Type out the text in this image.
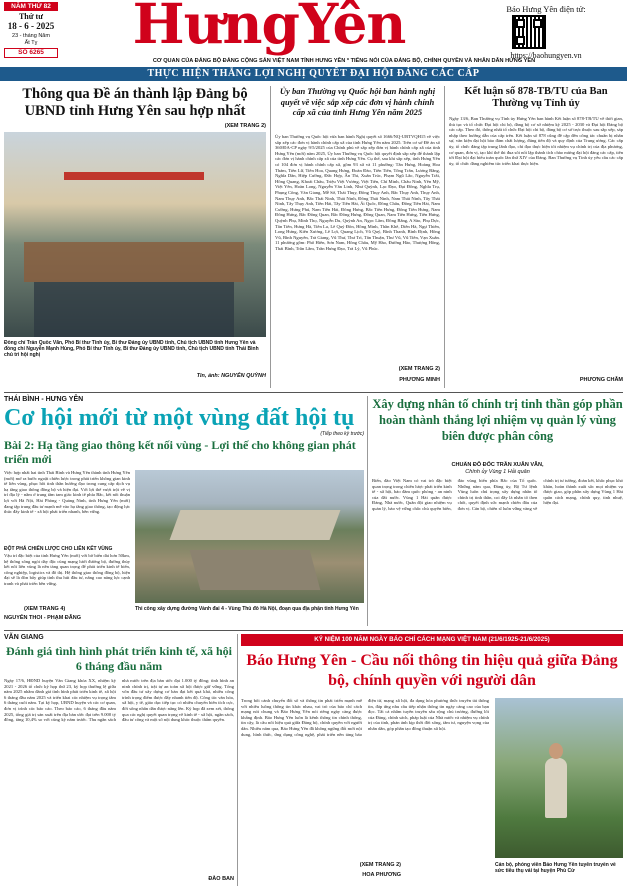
NĂM THỨ 82
Thứ tư
18 - 6 - 2025
23 - tháng Năm
Ất Tỵ
SỐ 6265	HưngYên	Báo Hưng Yên điện tử:
https://baohungyen.vn
CƠ QUAN CỦA ĐẢNG BỘ ĐẢNG CỘNG SẢN VIỆT NAM TỈNH HƯNG YÊN * TIẾNG NÓI CỦA ĐẢNG BỘ, CHÍNH QUYỀN VÀ NHÂN DÂN HƯNG YÊN
THỰC HIỆN THẮNG LỢI NGHỊ QUYẾT ĐẠI HỘI ĐẢNG CÁC CẤP
Thông qua Đề án thành lập Đảng bộ UBND tỉnh Hưng Yên sau hợp nhất
(XEM TRANG 2)
Đồng chí Trần Quốc Văn, Phó Bí thư Tỉnh ủy, Bí thư Đảng ủy UBND tỉnh, Chủ tịch UBND tỉnh Hưng Yên và đồng chí Nguyễn Mạnh Hùng, Phó Bí thư Tỉnh ủy, Bí thư Đảng ủy UBND tỉnh, Chủ tịch UBND tỉnh Thái Bình chủ trì hội nghị
Tin, ảnh: NGUYỄN QUỲNH
Ủy ban Thường vụ Quốc hội ban hành nghị quyết về việc sắp xếp các đơn vị hành chính cấp xã của tỉnh Hưng Yên năm 2025
Ủy ban Thường vụ Quốc hội vừa ban hành Nghị quyết số 1666/NQ-UBTVQH15 về việc sắp xếp các đơn vị hành chính cấp xã của tỉnh Hưng Yên năm 2025. Trên cơ sở Đề án số 360/ĐA-CP ngày 9/5/2025 của Chính phủ về sắp xếp đơn vị hành chính cấp xã của tỉnh Hưng Yên (mới) năm 2025, Ủy ban Thường vụ Quốc hội quyết định sắp xếp để thành lập các đơn vị hành chính cấp xã của tỉnh Hưng Yên. Cụ thể, sau khi sắp xếp, tỉnh Hưng Yên có 104 đơn vị hành chính cấp xã, gồm 93 xã và 11 phường: Tân Hưng, Hoàng Hoa Thám, Tiên Lữ, Tiên Hoa, Quang Hưng, Đoàn Đào, Tiên Tiến, Tống Trân, Lương Bằng, Nghĩa Dân, Hiệp Cường, Đức Hợp, Ân Thi, Xuân Trúc, Phạm Ngũ Lão, Nguyễn Trãi, Hồng Quang, Khoái Châu, Triệu Việt Vương, Việt Tiến, Chí Minh, Châu Ninh, Yên Mỹ, Việt Yên, Hoàn Long, Nguyễn Văn Linh, Như Quỳnh, Lạc Đạo, Đại Đồng, Nghĩa Trụ, Phụng Công, Văn Giang, Mễ Sở, Thái Thụy, Đông Thụy Anh, Bắc Thụy Anh, Thụy Anh, Nam Thụy Anh, Bắc Thái Ninh, Thái Ninh, Đông Thái Ninh, Nam Thái Ninh, Tây Thái Ninh, Tây Thụy Anh, Tiền Hải, Tây Tiền Hải, Ái Quốc, Đồng Châu, Đông Tiền Hải, Nam Cường, Hưng Phú, Nam Tiền Hải, Đông Hưng, Bắc Tiên Hưng, Đông Tiên Hưng, Nam Đông Hưng, Bắc Đông Quan, Bắc Đông Hưng, Đông Quan, Nam Tiên Hưng, Tiên Hưng, Quỳnh Phụ, Minh Thọ, Nguyễn Du, Quỳnh An, Ngọc Lâm, Đồng Bằng, A Sào, Phụ Dực, Tân Tiến, Hưng Hà, Tiên La, Lê Quý Đôn, Hồng Minh, Thần Khê, Diên Hà, Ngự Thiên, Long Hưng, Kiến Xương, Lê Lợi, Quang Lịch, Vũ Quý, Bình Thanh, Bình Định, Hồng Vũ, Bình Nguyên, Trà Giang, Vũ Thư, Thư Trì, Tân Thuận, Thư Vũ, Vũ Tiên, Vạn Xuân. 11 phường gồm: Phố Hiến, Sơn Nam, Hồng Châu, Mỹ Hào, Đường Hào, Thượng Hồng, Thái Bình, Trần Lãm, Trần Hưng Đạo, Trà Lý, Vũ Phúc.
(XEM TRANG 2)
PHƯƠNG MINH
Kết luận số 878-TB/TU của Ban Thường vụ Tỉnh ủy
Ngày 13/6, Ban Thường vụ Tỉnh ủy Hưng Yên ban hành Kết luận số 878-TB/TU về thời gian, thủ tục và tổ chức Đại hội chi bộ, đảng bộ cơ sở nhiệm kỳ 2025 - 2030 và Đại hội Đảng bộ các cấp. Theo đó, thống nhất tổ chức Đại hội chi bộ, đảng bộ cơ sở trực thuộc sau sắp xếp, sáp nhập theo hướng dẫn của cấp trên. Kết luận số 878 cũng đề cập đến công tác chuẩn bị nhân sự, văn kiện đại hội bảo đảm chất lượng, đúng tiến độ và quy định của Trung ương. Các cấp ủy, tổ chức đảng tập trung lãnh đạo, chỉ đạo thực hiện tốt nhiệm vụ chính trị của địa phương, cơ quan, đơn vị, tạo khí thế thi đua sôi nổi lập thành tích chào mừng đại hội đảng các cấp, tiến tới Đại hội đại biểu toàn quốc lần thứ XIV của Đảng. Ban Thường vụ Tỉnh ủy yêu cầu các cấp ủy, tổ chức đảng nghiêm túc triển khai thực hiện.
PHƯƠNG CHÂM
THÁI BÌNH - HƯNG YÊN
Cơ hội mới từ một vùng đất hội tụ
(Tiếp theo kỳ trước)
Bài 2: Hạ tầng giao thông kết nối vùng - Lợi thế cho không gian phát triển mới
Việc hợp nhất hai tỉnh Thái Bình và Hưng Yên thành tỉnh Hưng Yên (mới) mở ra bước ngoặt chiến lược trong phát triển không gian kinh tế liên vùng, phục hồi tinh thần hướng đạo trong cung cấp dịch vụ hạ tầng giao thông đồng bộ và hiện đại. Với lợi thế vượt trội về vị trí địa lý - nằm ở trung tâm tam giác kinh tế phía Bắc, kết nối thuận lợi với Hà Nội, Hải Phòng - Quảng Ninh, tỉnh Hưng Yên (mới) đang tập trung đầu tư mạnh mẽ vào hạ tầng giao thông, tạo động lực thúc đẩy kinh tế - xã hội phát triển nhanh, bền vững.
ĐỘT PHÁ CHIẾN LƯỢC CHO LIÊN KẾT VÙNG
Vậu trí đặc biệt của tỉnh Hưng Yên (mới) với bờ biển dài hơn 50km, hệ thống sông ngòi dày đặc cùng mạng lưới đường bộ, đường thủy kết nối liên vùng là nền tảng quan trọng để phát triển kinh tế biển, công nghiệp, logistics và đô thị. Hệ thống giao thông đồng bộ, hiện đại sẽ là đòn bẩy giúp tỉnh thu hút đầu tư, nâng cao năng lực cạnh tranh và phát triển bền vững.
(XEM TRANG 4)
NGUYỄN THOI - PHẠM ĐĂNG
Thi công xây dựng đường Vành đai 4 - Vùng Thủ đô Hà Nội, đoạn qua địa phận tỉnh Hưng Yên
Xây dựng nhân tố chính trị tinh thần góp phần hoàn thành thắng lợi nhiệm vụ quản lý vùng biên được phân công
CHUẨN ĐÔ ĐỐC TRẦN XUÂN VĂN,
Chính ủy Vùng 1 Hải quân
Biển, đảo Việt Nam có vai trò đặc biệt quan trọng trong chiến lược phát triển kinh tế - xã hội, bảo đảm quốc phòng - an ninh của đất nước. Vùng 1 Hải quân được Đảng, Nhà nước, Quân đội giao nhiệm vụ quản lý, bảo vệ vững chắc chủ quyền biển, đảo vùng biển phía Bắc của Tổ quốc. Những năm qua, Đảng ủy, Bộ Tư lệnh Vùng luôn chú trọng xây dựng nhân tố chính trị tinh thần, coi đây là nhân tố then chốt, quyết định sức mạnh chiến đấu của đơn vị. Cán bộ, chiến sĩ luôn vững vàng về chính trị tư tưởng, đoàn kết, khắc phục khó khăn, hoàn thành xuất sắc mọi nhiệm vụ được giao, góp phần xây dựng Vùng 1 Hải quân cách mạng, chính quy, tinh nhuệ, hiện đại.
VĂN GIANG
Đánh giá tình hình phát triển kinh tế, xã hội 6 tháng đầu năm
Ngày 17/6, HĐND huyện Văn Giang khóa XX, nhiệm kỳ 2021 - 2026 tổ chức kỳ họp thứ 23, kỳ họp thường lệ giữa năm 2025 nhằm đánh giá tình hình phát triển kinh tế, xã hội 6 tháng đầu năm 2025 và triển khai các nhiệm vụ trọng tâm 6 tháng cuối năm. Tại kỳ họp, UBND huyện và các cơ quan, đơn vị trình các báo cáo. Theo báo cáo, 6 tháng đầu năm 2025, tổng giá trị sản xuất trên địa bàn ước đạt trên 9.000 tỷ đồng, tăng 10,4% so với cùng kỳ năm trước. Thu ngân sách nhà nước trên địa bàn ước đạt 1.000 tỷ đồng; tình hình an ninh chính trị, trật tự an toàn xã hội được giữ vững. Tổng vốn đầu tư xây dựng cơ bản đạt kết quả khá, nhiều công trình trọng điểm được đẩy nhanh tiến độ. Công tác văn hóa, xã hội, y tế, giáo dục tiếp tục có nhiều chuyển biến tích cực, đời sống nhân dân được nâng lên. Kỳ họp đã xem xét, thông qua các nghị quyết quan trọng về kinh tế - xã hội, ngân sách, đầu tư công và một số nội dung khác thuộc thẩm quyền.
ĐÀO BAN
KỶ NIỆM 100 NĂM NGÀY BÁO CHÍ CÁCH MẠNG VIỆT NAM (21/6/1925-21/6/2025)
Báo Hưng Yên - Cầu nối thông tin hiệu quả giữa Đảng bộ, chính quyền với người dân
Trong bối cảnh chuyển đổi số và thông tin phát triển mạnh mẽ với nhiều luồng thông tin khác nhau, vai trò của báo chí cách mạng nói chung và Báo Hưng Yên nói riêng ngày càng được khẳng định. Báo Hưng Yên luôn là kênh thông tin chính thống, tin cậy, là cầu nối hiệu quả giữa Đảng bộ, chính quyền với người dân. Nhiều năm qua, Báo Hưng Yên đã không ngừng đổi mới nội dung, hình thức, ứng dụng công nghệ, phát triển nền tảng báo điện tử, mạng xã hội, đa dạng hóa phương thức truyền tải thông tin, đáp ứng nhu cầu tiếp nhận thông tin ngày càng cao của bạn đọc. Tất cả nhằm tuyên truyền sâu rộng chủ trương, đường lối của Đảng, chính sách, pháp luật của Nhà nước và nhiệm vụ chính trị của tỉnh, phản ánh kịp thời đời sống, tâm tư, nguyện vọng của nhân dân, góp phần tạo đồng thuận xã hội.
(XEM TRANG 2)
HOA PHƯƠNG
Cán bộ, phóng viên Báo Hưng Yên tuyên truyền về sức tiêu thụ vải tại huyện Phù Cừ
